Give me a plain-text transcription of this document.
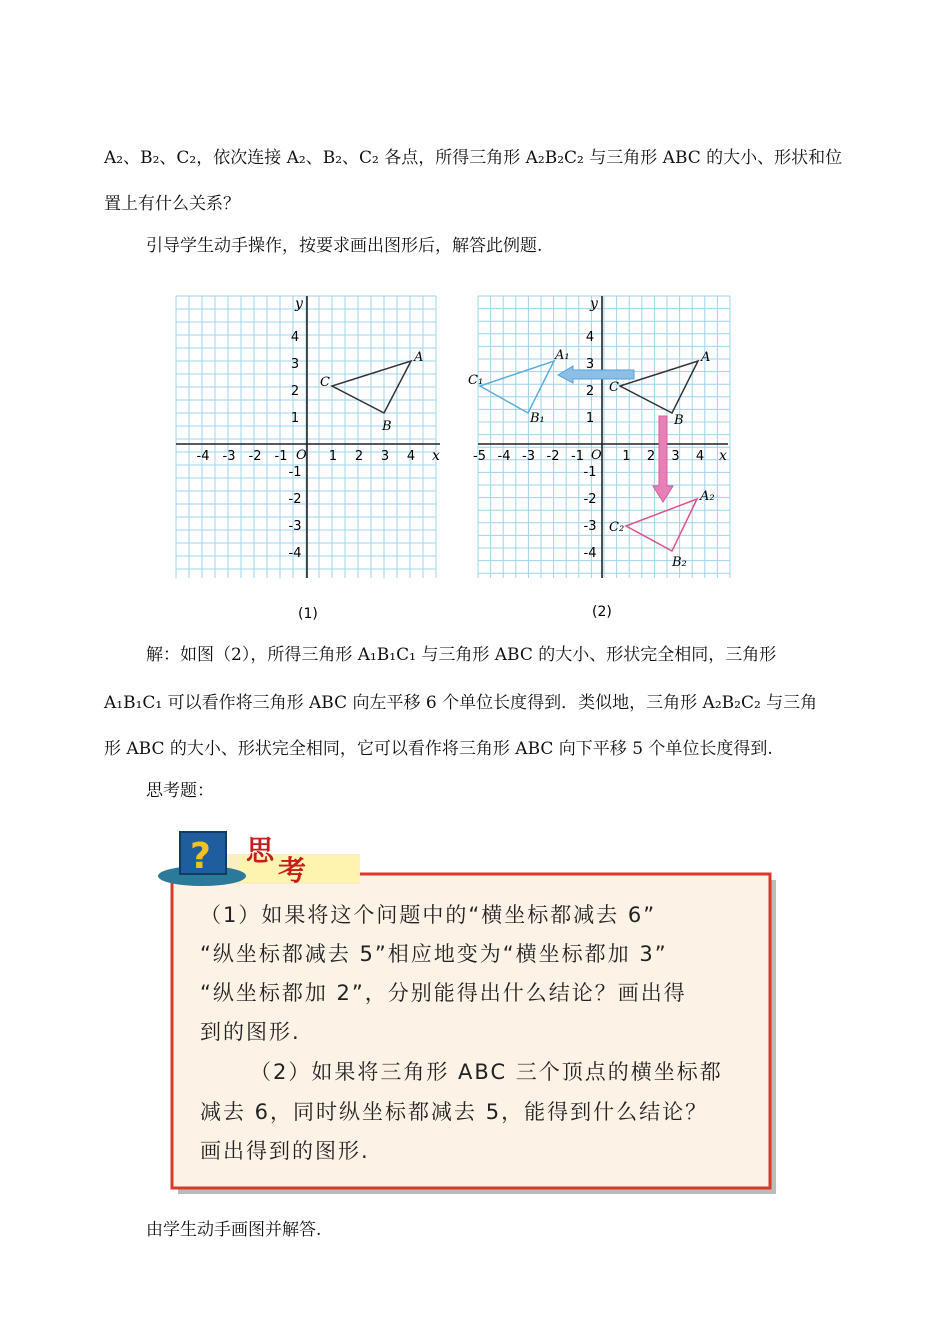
A₂、B₂、C₂，依次连接 A₂、B₂、C₂ 各点，所得三角形 A₂B₂C₂ 与三角形 ABC 的大小、形状和位

置上有什么关系？

引导学生动手操作，按要求画出图形后，解答此例题.

x
y
O	x
y
O
-4 -3 -2 -1	1 2 3 4
4
3
2
1
-1
-2
-3
-4
-5 -4 -3 -2 -1	1 2 3 4
4
3
2
1
-1
-2
-3
-4
A
B
C
A
B
C
A₁
B₁
C₁
A₂
B₂
C₂
(1)	(2)

解：如图（2），所得三角形 A₁B₁C₁ 与三角形 ABC 的大小、形状完全相同，三角形

A₁B₁C₁ 可以看作将三角形 ABC 向左平移 6 个单位长度得到．类似地，三角形 A₂B₂C₂ 与三角

形 ABC 的大小、形状完全相同，它可以看作将三角形 ABC 向下平移 5 个单位长度得到.

思考题：

? 思
考
（1）如果将这个问题中的“横坐标都减去 6”
“纵坐标都减去 5”相应地变为“横坐标都加 3”
“纵坐标都加 2”，分别能得出什么结论？画出得
到的图形.
（2）如果将三角形 ABC 三个顶点的横坐标都
减去 6，同时纵坐标都减去 5，能得到什么结论？
画出得到的图形.

由学生动手画图并解答.
